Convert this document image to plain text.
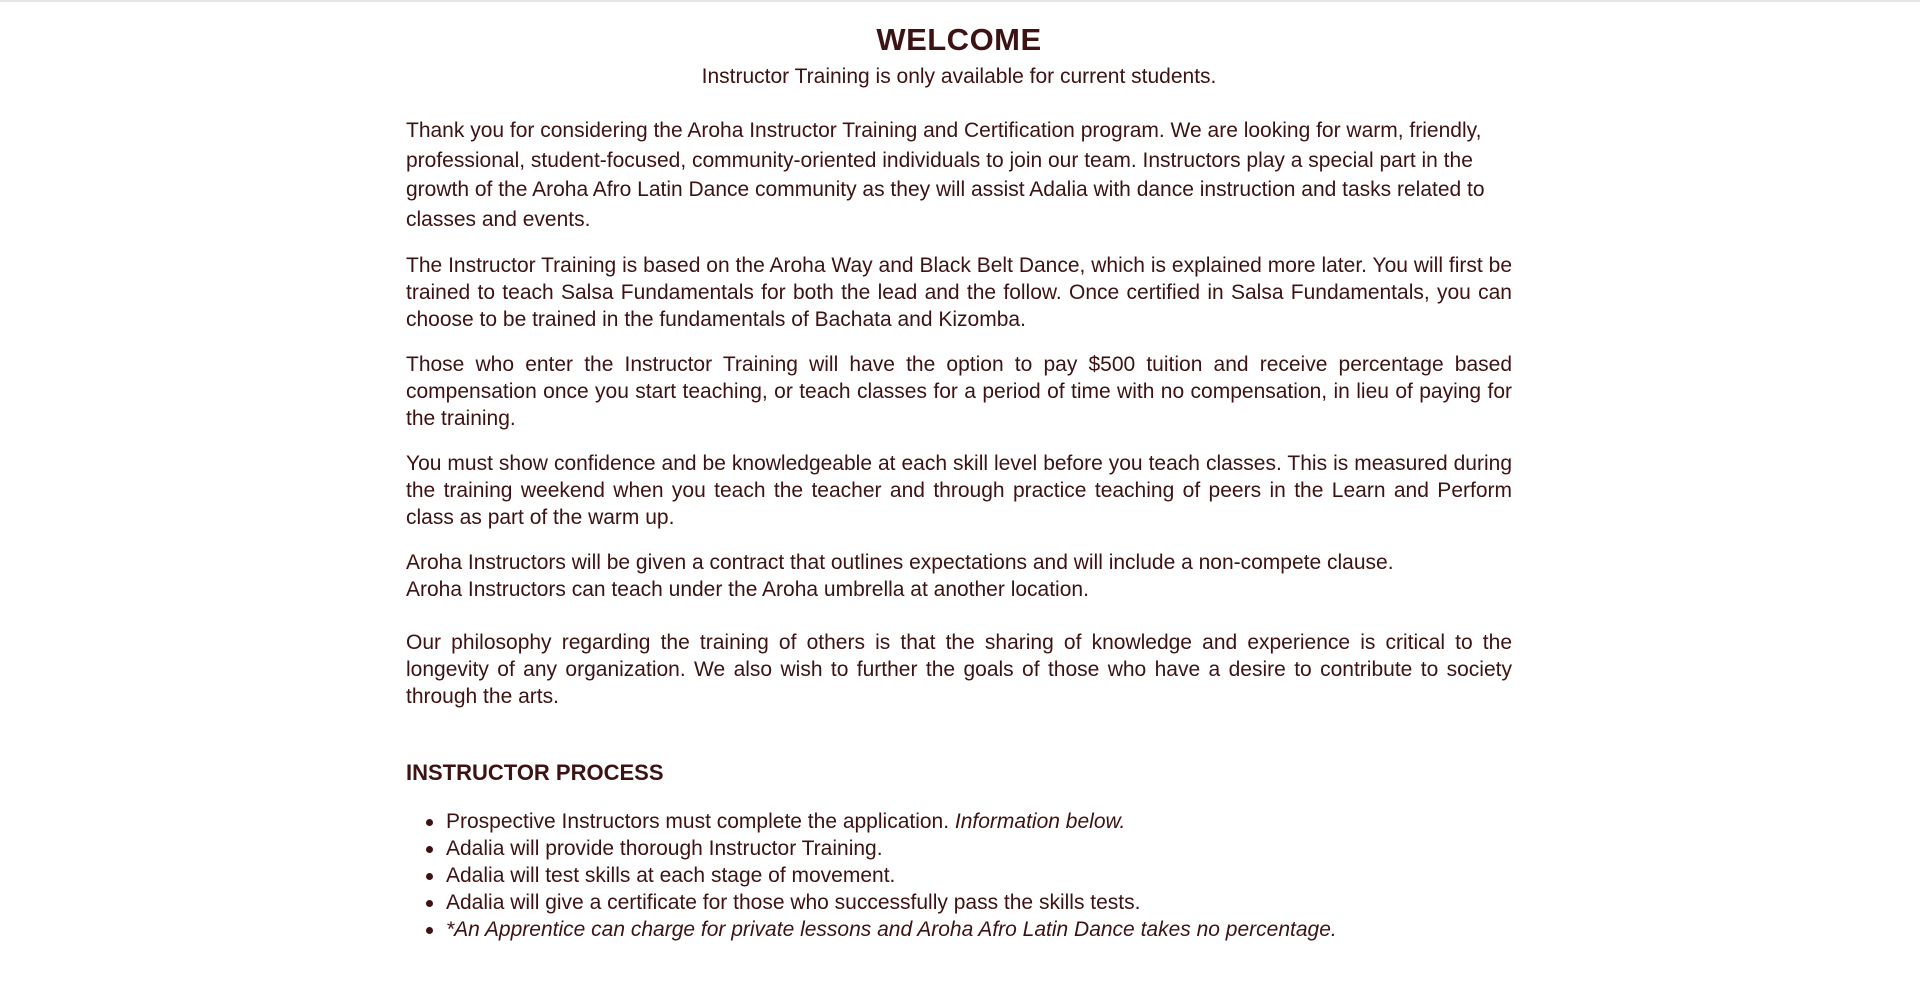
WELCOME

Instructor Training is only available for current students.

Thank you for considering the Aroha Instructor Training and Certification program. We are looking for warm, friendly, professional, student-focused, community-oriented individuals to join our team. Instructors play a special part in the growth of the Aroha Afro Latin Dance community as they will assist Adalia with dance instruction and tasks related to classes and events.

The Instructor Training is based on the Aroha Way and Black Belt Dance, which is explained more later. You will first be trained to teach Salsa Fundamentals for both the lead and the follow. Once certified in Salsa Fundamentals, you can choose to be trained in the fundamentals of Bachata and Kizomba.

Those who enter the Instructor Training will have the option to pay $500 tuition and receive percentage based compensation once you start teaching, or teach classes for a period of time with no compensation, in lieu of paying for the training.

You must show confidence and be knowledgeable at each skill level before you teach classes. This is measured during the training weekend when you teach the teacher and through practice teaching of peers in the Learn and Perform class as part of the warm up.

Aroha Instructors will be given a contract that outlines expectations and will include a non-compete clause.
Aroha Instructors can teach under the Aroha umbrella at another location.

Our philosophy regarding the training of others is that the sharing of knowledge and experience is critical to the longevity of any organization. We also wish to further the goals of those who have a desire to contribute to society through the arts.

INSTRUCTOR PROCESS
Prospective Instructors must complete the application. Information below.
Adalia will provide thorough Instructor Training.
Adalia will test skills at each stage of movement.
Adalia will give a certificate for those who successfully pass the skills tests.
*An Apprentice can charge for private lessons and Aroha Afro Latin Dance takes no percentage.
